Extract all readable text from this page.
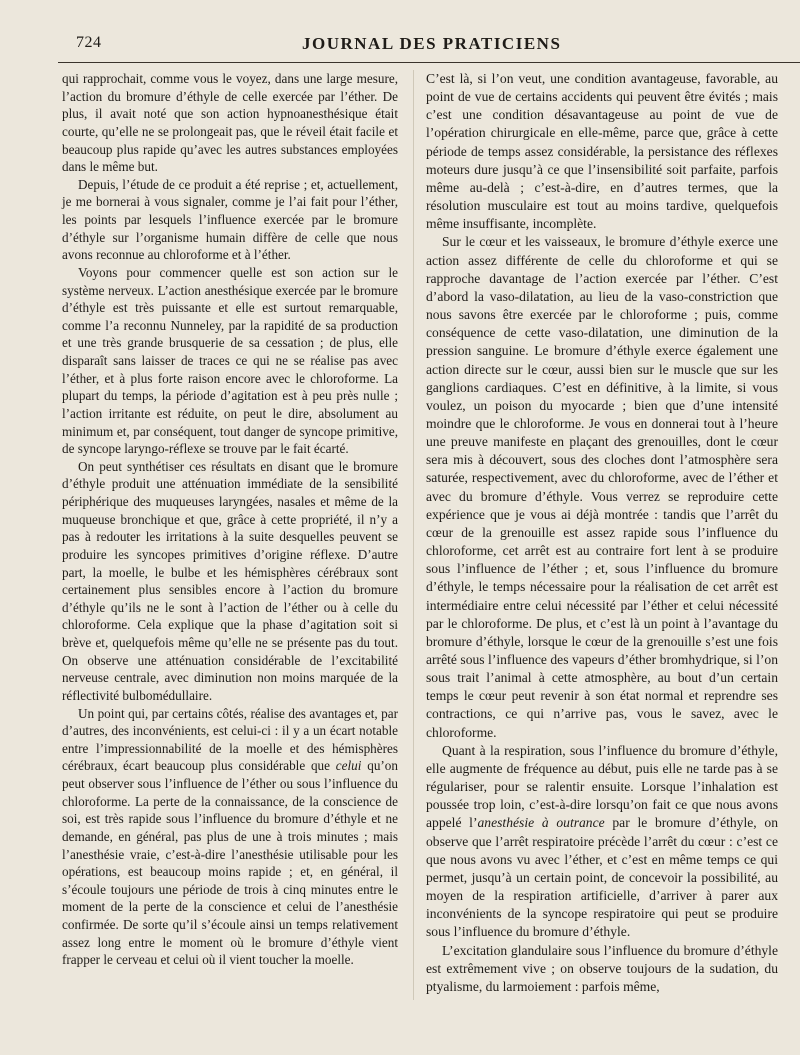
724	JOURNAL DES PRATICIENS

qui rapprochait, comme vous le voyez, dans une large mesure, l’action du bromure d’éthyle de celle exercée par l’éther. De plus, il avait noté que son action hypnoanesthésique était courte, qu’elle ne se prolongeait pas, que le réveil était facile et beaucoup plus rapide qu’avec les autres substances employées dans le même but.

Depuis, l’étude de ce produit a été reprise ; et, actuellement, je me bornerai à vous signaler, comme je l’ai fait pour l’éther, les points par lesquels l’influence exercée par le bromure d’éthyle sur l’organisme humain diffère de celle que nous avons reconnue au chloroforme et à l’éther.

Voyons pour commencer quelle est son action sur le système nerveux. L’action anesthésique exercée par le bromure d’éthyle est très puissante et elle est surtout remarquable, comme l’a reconnu Nunneley, par la rapidité de sa production et une très grande brusquerie de sa cessation ; de plus, elle disparaît sans laisser de traces ce qui ne se réalise pas avec l’éther, et à plus forte raison encore avec le chloroforme. La plupart du temps, la période d’agitation est à peu près nulle ; l’action irritante est réduite, on peut le dire, absolument au minimum et, par conséquent, tout danger de syncope primitive, de syncope laryngo-réflexe se trouve par le fait écarté.

On peut synthétiser ces résultats en disant que le bromure d’éthyle produit une atténuation immédiate de la sensibilité périphérique des muqueuses laryngées, nasales et même de la muqueuse bronchique et que, grâce à cette propriété, il n’y a pas à redouter les irritations à la suite desquelles peuvent se produire les syncopes primitives d’origine réflexe. D’autre part, la moelle, le bulbe et les hémisphères cérébraux sont certainement plus sensibles encore à l’action du bromure d’éthyle qu’ils ne le sont à l’action de l’éther ou à celle du chloroforme. Cela explique que la phase d’agitation soit si brève et, quelquefois même qu’elle ne se présente pas du tout. On observe une atténuation considérable de l’excitabilité nerveuse centrale, avec diminution non moins marquée de la réflectivité bulbomédullaire.

Un point qui, par certains côtés, réalise des avantages et, par d’autres, des inconvénients, est celui-ci : il y a un écart notable entre l’impressionnabilité de la moelle et des hémisphères cérébraux, écart beaucoup plus considérable que celui qu’on peut observer sous l’influence de l’éther ou sous l’influence du chloroforme. La perte de la connaissance, de la conscience de soi, est très rapide sous l’influence du bromure d’éthyle et ne demande, en général, pas plus de une à trois minutes ; mais l’anesthésie vraie, c’est-à-dire l’anesthésie utilisable pour les opérations, est beaucoup moins rapide ; et, en général, il s’écoule toujours une période de trois à cinq minutes entre le moment de la perte de la conscience et celui de l’anesthésie confirmée. De sorte qu’il s’écoule ainsi un temps relativement assez long entre le moment où le bromure d’éthyle vient frapper le cerveau et celui où il vient toucher la moelle.

C’est là, si l’on veut, une condition avantageuse, favorable, au point de vue de certains accidents qui peuvent être évités ; mais c’est une condition désavantageuse au point de vue de l’opération chirurgicale en elle-même, parce que, grâce à cette période de temps assez considérable, la persistance des réflexes moteurs dure jusqu’à ce que l’insensibilité soit parfaite, parfois même au-delà ; c’est-à-dire, en d’autres termes, que la résolution musculaire est tout au moins tardive, quelquefois même insuffisante, incomplète.

Sur le cœur et les vaisseaux, le bromure d’éthyle exerce une action assez différente de celle du chloroforme et qui se rapproche davantage de l’action exercée par l’éther. C’est d’abord la vaso-dilatation, au lieu de la vaso-constriction que nous savons être exercée par le chloroforme ; puis, comme conséquence de cette vaso-dilatation, une diminution de la pression sanguine. Le bromure d’éthyle exerce également une action directe sur le cœur, aussi bien sur le muscle que sur les ganglions cardiaques. C’est en définitive, à la limite, si vous voulez, un poison du myocarde ; bien que d’une intensité moindre que le chloroforme. Je vous en donnerai tout à l’heure une preuve manifeste en plaçant des grenouilles, dont le cœur sera mis à découvert, sous des cloches dont l’atmosphère sera saturée, respectivement, avec du chloroforme, avec de l’éther et avec du bromure d’éthyle. Vous verrez se reproduire cette expérience que je vous ai déjà montrée : tandis que l’arrêt du cœur de la grenouille est assez rapide sous l’influence du chloroforme, cet arrêt est au contraire fort lent à se produire sous l’influence de l’éther ; et, sous l’influence du bromure d’éthyle, le temps nécessaire pour la réalisation de cet arrêt est intermédiaire entre celui nécessité par l’éther et celui nécessité par le chloroforme. De plus, et c’est là un point à l’avantage du bromure d’éthyle, lorsque le cœur de la grenouille s’est une fois arrêté sous l’influence des vapeurs d’éther bromhydrique, si l’on sous trait l’animal à cette atmosphère, au bout d’un certain temps le cœur peut revenir à son état normal et reprendre ses contractions, ce qui n’arrive pas, vous le savez, avec le chloroforme.

Quant à la respiration, sous l’influence du bromure d’éthyle, elle augmente de fréquence au début, puis elle ne tarde pas à se régulariser, pour se ralentir ensuite. Lorsque l’inhalation est poussée trop loin, c’est-à-dire lorsqu’on fait ce que nous avons appelé l’anesthésie à outrance par le bromure d’éthyle, on observe que l’arrêt respiratoire précède l’arrêt du cœur : c’est ce que nous avons vu avec l’éther, et c’est en même temps ce qui permet, jusqu’à un certain point, de concevoir la possibilité, au moyen de la respiration artificielle, d’arriver à parer aux inconvénients de la syncope respiratoire qui peut se produire sous l’influence du bromure d’éthyle.

L’excitation glandulaire sous l’influence du bromure d’éthyle est extrêmement vive ; on observe toujours de la sudation, du ptyalisme, du larmoiement : parfois même,
